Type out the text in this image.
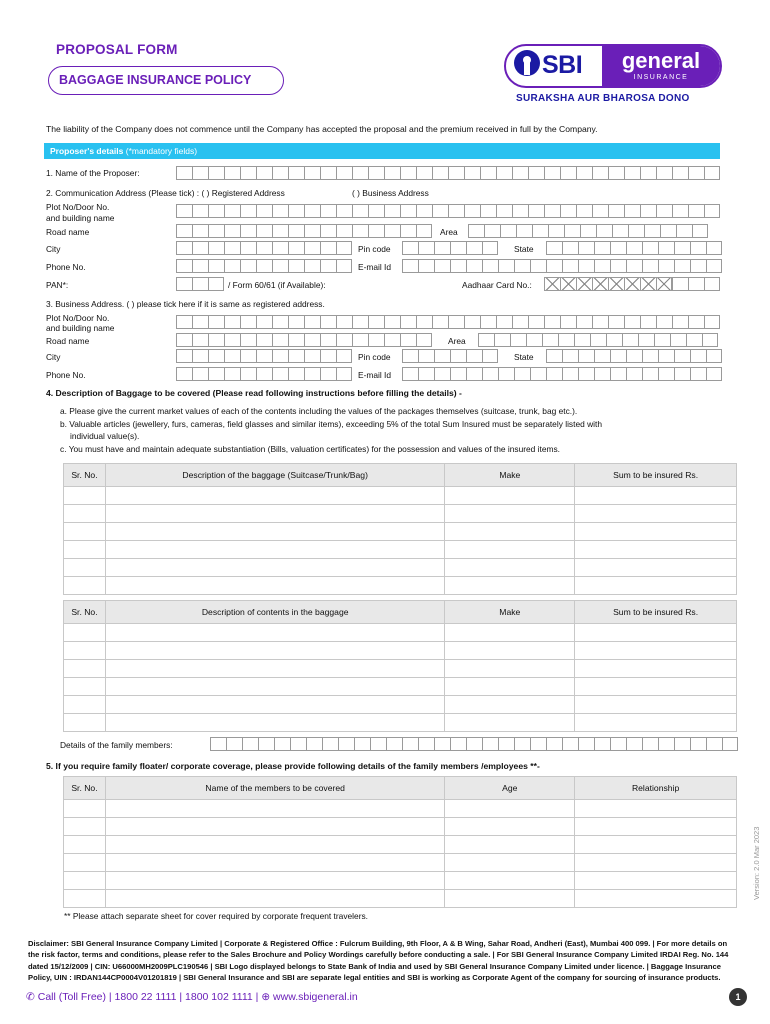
PROPOSAL FORM
BAGGAGE INSURANCE POLICY
SBI	general
INSURANCE
SURAKSHA AUR BHAROSA DONO
The liability of the Company does not commence until the Company has accepted the proposal and the premium received in full by the Company.
Proposer's details (*mandatory fields)
1. Name of the Proposer:
2. Communication Address (Please tick) : ( ) Registered Address	( ) Business Address
Plot No/Door No.
and building name
Road name	Area
City	Pin code	State
Phone No.	E-mail Id
PAN*:	/ Form 60/61 (if Available):	Aadhaar Card No.:
3. Business Address. ( ) please tick here if it is same as registered address.
Plot No/Door No.
and building name
Road name	Area
City	Pin code	State
Phone No.	E-mail Id
4. Description of Baggage to be covered (Please read following instructions before filling the details) -
a. Please give the current market values of each of the contents including the values of the packages themselves (suitcase, trunk, bag etc.).
b. Valuable articles (jewellery, furs, cameras, field glasses and similar items), exceeding 5% of the total Sum Insured must be separately listed with
individual value(s).
c. You must have and maintain adequate substantiation (Bills, valuation certificates) for the possession and values of the insured items.
Sr. No.	Description of the baggage (Suitcase/Trunk/Bag)	Make	Sum to be insured Rs.

Sr. No.	Description of contents in the baggage	Make	Sum to be insured Rs.

Details of the family members:
5. If you require family floater/ corporate coverage, please provide following details of the family members /employees **-
Sr. No.	Name of the members to be covered	Age	Relationship

** Please attach separate sheet for cover required by corporate frequent travelers.
Disclaimer: SBI General Insurance Company Limited | Corporate & Registered Office : Fulcrum Building, 9th Floor, A & B Wing, Sahar Road, Andheri (East), Mumbai 400 099. | For more details on the risk factor, terms and conditions, please refer to the Sales Brochure and Policy Wordings carefully before conducting a sale. | For SBI General Insurance Company Limited IRDAI Reg. No. 144 dated 15/12/2009 | CIN: U66000MH2009PLC190546 | SBI Logo displayed belongs to State Bank of India and used by SBI General Insurance Company Limited under licence. | Baggage Insurance Policy, UIN : IRDAN144CP0004V01201819 | SBI General Insurance and SBI are separate legal entities and SBI is working as Corporate Agent of the company for sourcing of insurance products.
✆ Call (Toll Free) | 1800 22 1111 | 1800 102 1111 | ⊕ www.sbigeneral.in	1
Version: 2.0 Mar 2023
